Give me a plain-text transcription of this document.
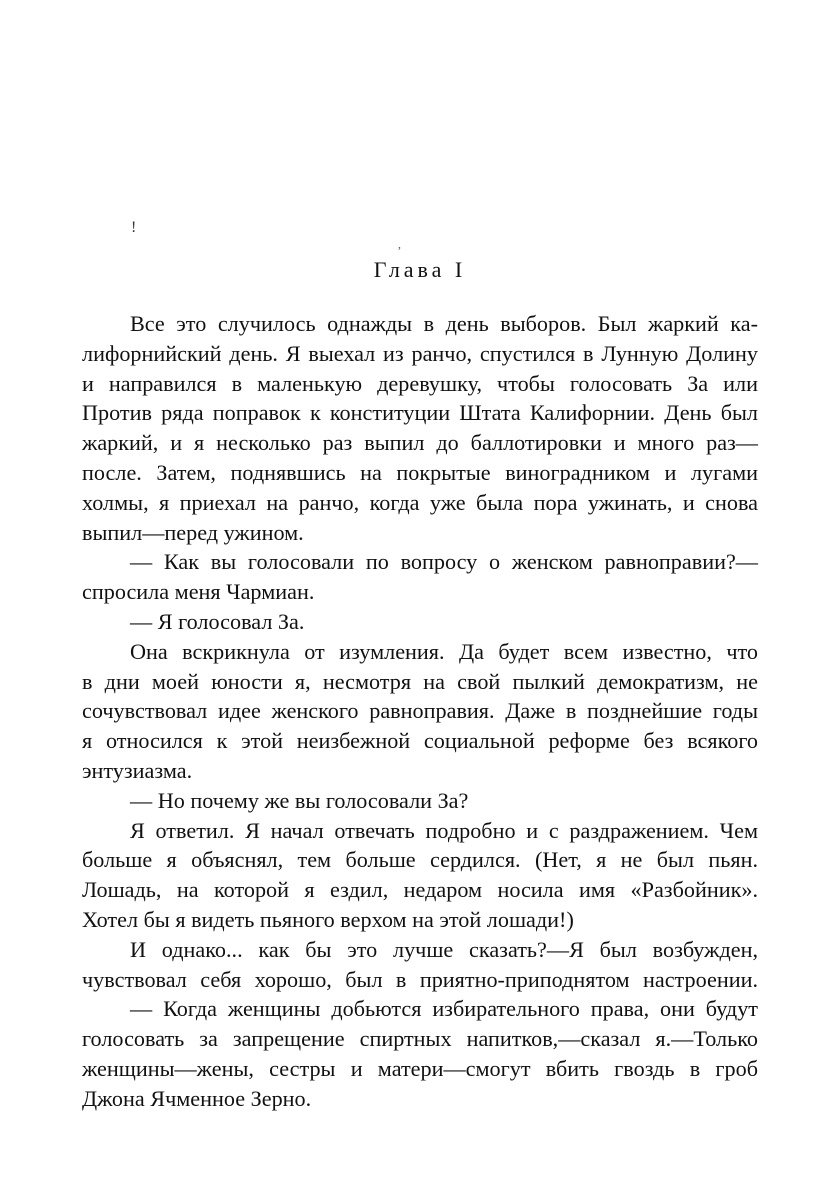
!
,
Глава I
Все это случилось однажды в день выборов. Был жаркий ка-
лифорнийский день. Я выехал из ранчо, спустился в Лунную Долину
и направился в маленькую деревушку, чтобы голосовать За или
Против ряда поправок к конституции Штата Калифорнии. День был
жаркий, и я несколько раз выпил до баллотировки и много раз—
после. Затем, поднявшись на покрытые виноградником и лугами
холмы, я приехал на ранчо, когда уже была пора ужинать, и снова
выпил—перед ужином.
— Как вы голосовали по вопросу о женском равноправии?—
спросила меня Чармиан.
— Я голосовал За.
Она вскрикнула от изумления. Да будет всем известно, что
в дни моей юности я, несмотря на свой пылкий демократизм, не
сочувствовал идее женского равноправия. Даже в позднейшие годы
я относился к этой неизбежной социальной реформе без всякого
энтузиазма.
— Но почему же вы голосовали За?
Я ответил. Я начал отвечать подробно и с раздражением. Чем
больше я объяснял, тем больше сердился. (Нет, я не был пьян.
Лошадь, на которой я ездил, недаром носила имя «Разбойник».
Хотел бы я видеть пьяного верхом на этой лошади!)
И однако... как бы это лучше сказать?—Я был возбужден,
чувствовал себя хорошо, был в приятно-приподнятом настроении.
— Когда женщины добьются избирательного права, они будут
голосовать за запрещение спиртных напитков,—сказал я.—Только
женщины—жены, сестры и матери—смогут вбить гвоздь в гроб
Джона Ячменное Зерно.
